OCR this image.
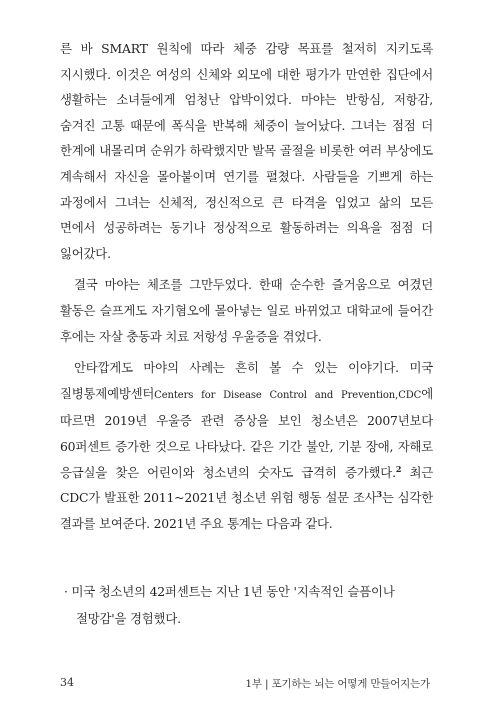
른 바 SMART 원칙에 따라 체중 감량 목표를 철저히 지키도록 지시했다. 이것은 여성의 신체와 외모에 대한 평가가 만연한 집단에서 생활하는 소녀들에게 엄청난 압박이었다. 마야는 반항심, 저항감, 숨겨진 고통 때문에 폭식을 반복해 체중이 늘어났다. 그녀는 점점 더 한계에 내몰리며 순위가 하락했지만 발목 골절을 비롯한 여러 부상에도 계속해서 자신을 몰아붙이며 연기를 펼쳤다. 사람들을 기쁘게 하는 과정에서 그녀는 신체적, 정신적으로 큰 타격을 입었고 삶의 모든 면에서 성공하려는 동기나 정상적으로 활동하려는 의욕을 점점 더 잃어갔다.

결국 마야는 체조를 그만두었다. 한때 순수한 즐거움으로 여겼던 활동은 슬프게도 자기혐오에 몰아넣는 일로 바뀌었고 대학교에 들어간 후에는 자살 충동과 치료 저항성 우울증을 겪었다.

안타깝게도 마야의 사례는 흔히 볼 수 있는 이야기다. 미국 질병통제예방센터Centers for Disease Control and Prevention,CDC에 따르면 2019년 우울증 관련 증상을 보인 청소년은 2007년보다 60퍼센트 증가한 것으로 나타났다. 같은 기간 불안, 기분 장애, 자해로 응급실을 찾은 어린이와 청소년의 숫자도 급격히 증가했다.$^2$ 최근 CDC가 발표한 2011~2021년 청소년 위험 행동 설문 조사$^3$는 심각한 결과를 보여준다. 2021년 주요 통계는 다음과 같다.

· 미국 청소년의 42퍼센트는 지난 1년 동안 '지속적인 슬픔이나 절망감'을 경험했다.
34	1부 | 포기하는 뇌는 어떻게 만들어지는가
